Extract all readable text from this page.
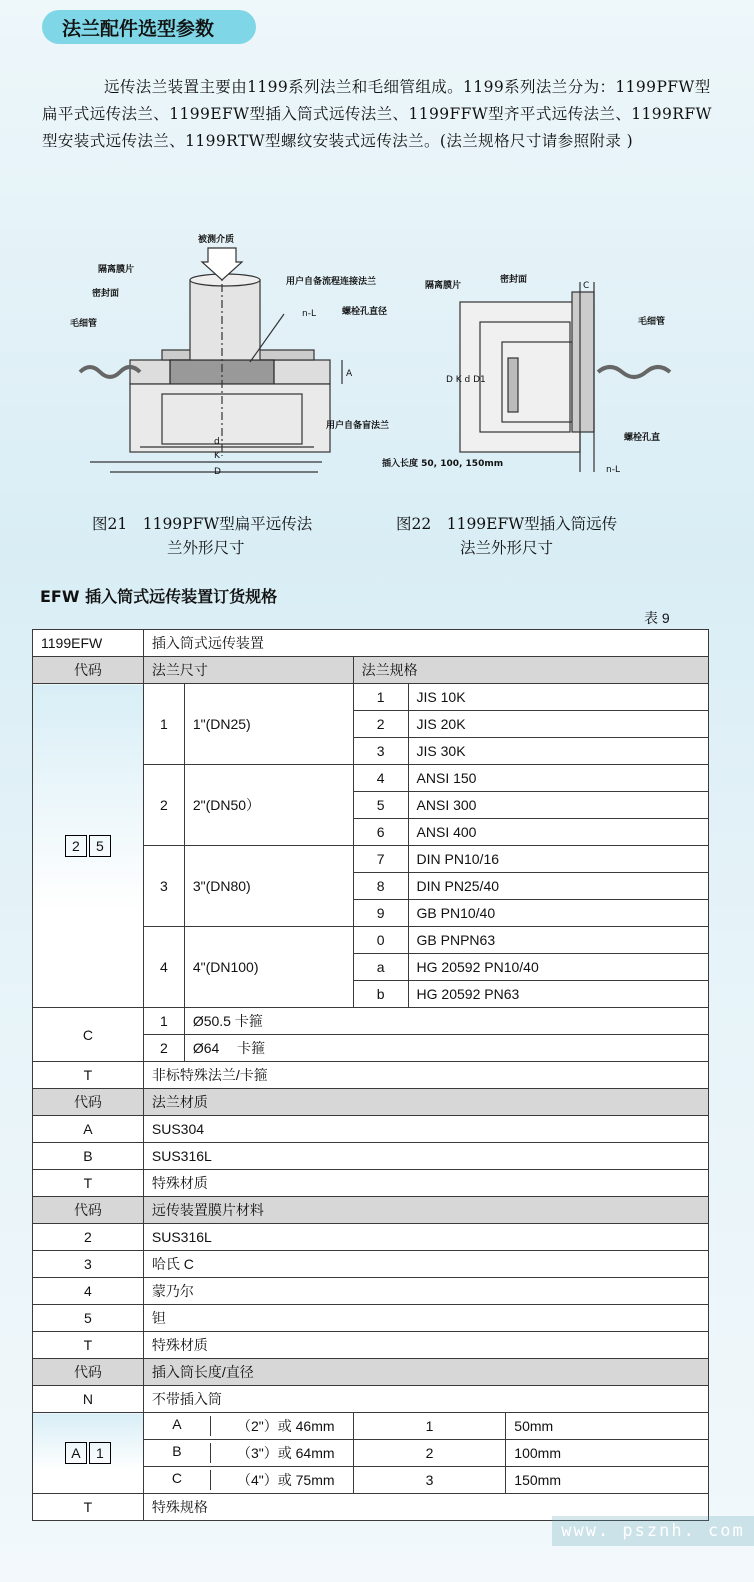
法兰配件选型参数

远传法兰装置主要由1199系列法兰和毛细管组成。1199系列法兰分为：1199PFW型扁平式远传法兰、1199EFW型插入筒式远传法兰、1199FFW型齐平式远传法兰、1199RFW型安装式远传法兰、1199RTW型螺纹安装式远传法兰。(法兰规格尺寸请参照附录 )

被测介质
隔离膜片
密封面
毛细管
用户自备流程连接法兰
螺栓孔直径
n-L
用户自备盲法兰
A
d
K
D
隔离膜片
密封面
C
毛细管
螺栓孔直
n-L
插入长度 50, 100, 150mm
D K d D1
图21　1199PFW型扁平远传法
兰外形尺寸
图22　1199EFW型插入筒远传
法兰外形尺寸
EFW 插入筒式远传装置订货规格
表 9
1199EFW	插入筒式远传装置				
代码	法兰尺寸		法兰规格		
2 5	1	1"(DN25)	1	JIS 10K	
			2	JIS 20K	
			3	JIS 30K	
	2	2"(DN50）	4	ANSI 150	
			5	ANSI 300	
			6	ANSI 400	
	3	3"(DN80)	7	DIN PN10/16	
			8	DIN PN25/40	
			9	GB PN10/40	
	4	4"(DN100)	0	GB PNPN63	
			a	HG 20592 PN10/40	
			b	HG 20592 PN63	
C	1	Ø50.5 卡箍			
	2	Ø64　 卡箍			
T	非标特殊法兰/卡箍				
代码	法兰材质				
A	SUS304				
B	SUS316L				
T	特殊材质				
代码	远传装置膜片材料				
2	SUS316L				
3	哈氏 C				
4	蒙乃尔				
5	钽				
T	特殊材质				
代码	插入筒长度/直径				
N	不带插入筒				
A 1	A （2"）或 46mm		1		50mm

	B （3"）或 64mm		2		100mm

	C （4"）或 75mm		3		150mm
T	特殊规格				
www. psznh. com
